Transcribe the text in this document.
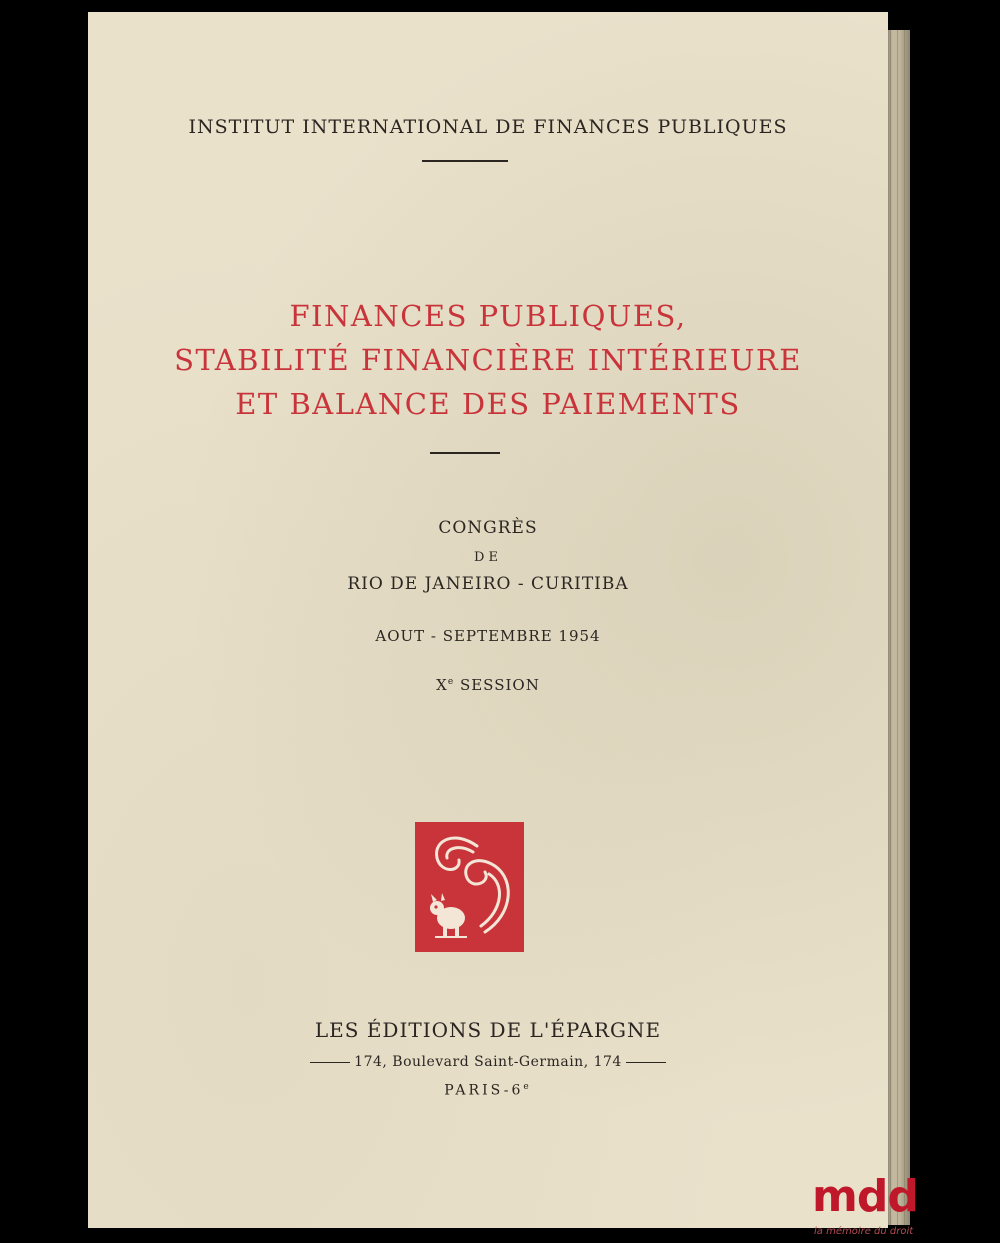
INSTITUT INTERNATIONAL DE FINANCES PUBLIQUES
FINANCES PUBLIQUES,
STABILITÉ FINANCIÈRE INTÉRIEURE
ET BALANCE DES PAIEMENTS
CONGRÈS
DE
RIO DE JANEIRO - CURITIBA
AOUT - SEPTEMBRE 1954
Xe SESSION
LES ÉDITIONS DE L'ÉPARGNE
174, Boulevard Saint-Germain, 174
PARIS-6e
mdd
la mémoire du droit
